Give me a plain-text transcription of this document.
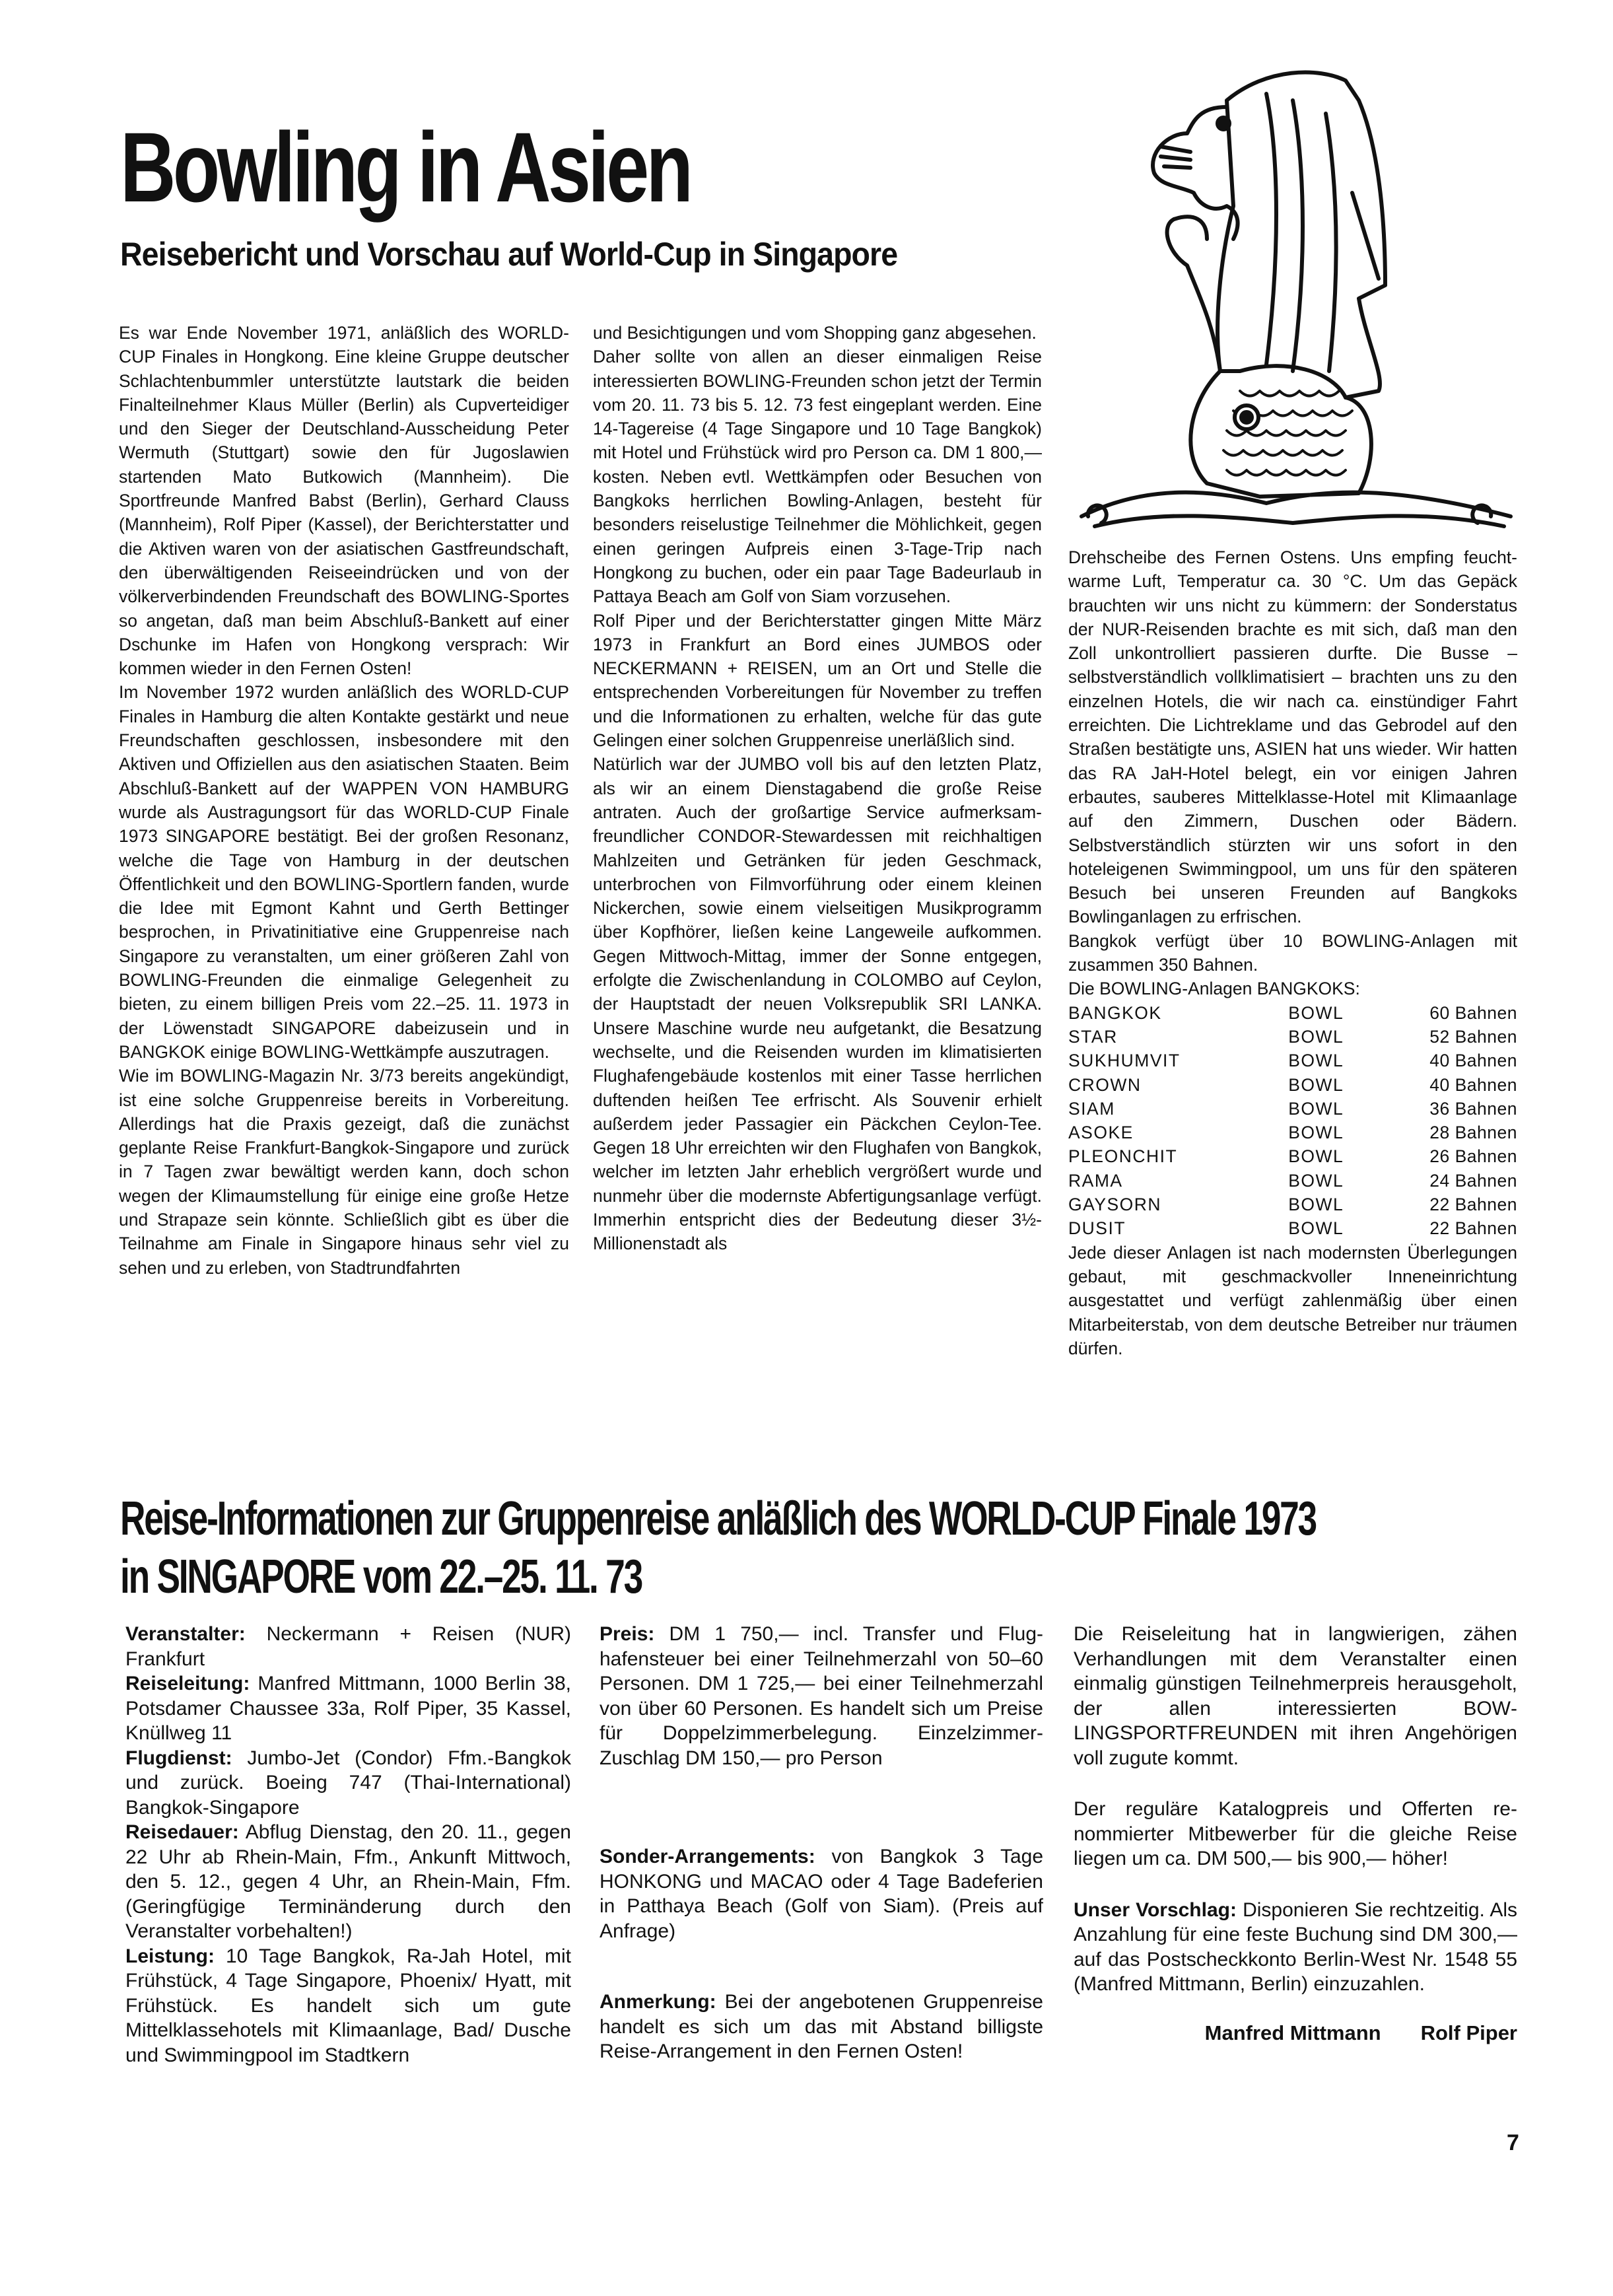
Bowling in Asien
Reisebericht und Vorschau auf World-Cup in Singapore

Es war Ende November 1971, anläßlich des WORLD-CUP Finales in Hongkong. Eine kleine Gruppe deutscher Schlachtenbummler unterstützte lautstark die beiden Finalteilnehmer Klaus Müller (Berlin) als Cupverteidiger und den Sieger der Deutschland-Ausscheidung Peter Wermuth (Stuttgart) sowie den für Jugoslawien startenden Mato Butkowich (Mannheim). Die Sportfreunde Manfred Babst (Berlin), Gerhard Clauss (Mannheim), Rolf Piper (Kassel), der Berichterstatter und die Aktiven waren von der asiatischen Gastfreundschaft, den überwältigenden Reiseeindrücken und von der völkerverbindenden Freundschaft des BOWLING-Sportes so angetan, daß man beim Abschluß-Bankett auf einer Dschunke im Hafen von Hongkong versprach: Wir kommen wieder in den Fernen Osten!

Im November 1972 wurden anläßlich des WORLD-CUP Finales in Hamburg die alten Kontakte gestärkt und neue Freundschaften geschlossen, insbesondere mit den Aktiven und Offiziellen aus den asiatischen Staaten. Beim Abschluß-Bankett auf der WAPPEN VON HAMBURG wurde als Austragungsort für das WORLD-CUP Finale 1973 SINGAPORE bestätigt. Bei der großen Resonanz, welche die Tage von Hamburg in der deutschen Öffentlichkeit und den BOWLING-Sportlern fanden, wurde die Idee mit Egmont Kahnt und Gerth Bettinger besprochen, in Privatinitiative eine Gruppenreise nach Singapore zu veranstalten, um einer größeren Zahl von BOWLING-Freunden die einmalige Gelegenheit zu bieten, zu einem billigen Preis vom 22.–25. 11. 1973 in der Löwenstadt SINGAPORE dabeizusein und in BANGKOK einige BOWLING-Wettkämpfe auszutragen.

Wie im BOWLING-Magazin Nr. 3/73 bereits angekündigt, ist eine solche Gruppenreise bereits in Vorbereitung. Allerdings hat die Praxis gezeigt, daß die zunächst geplante Reise Frankfurt-Bangkok-Singapore und zurück in 7 Tagen zwar bewältigt werden kann, doch schon wegen der Klimaumstellung für einige eine große Hetze und Strapaze sein könnte. Schließlich gibt es über die Teilnahme am Finale in Singapore hinaus sehr viel zu sehen und zu erleben, von Stadtrundfahrten

und Besichtigungen und vom Shopping ganz abgesehen.

Daher sollte von allen an dieser einmaligen Reise interessierten BOWLING-Freunden schon jetzt der Termin vom 20. 11. 73 bis 5. 12. 73 fest eingeplant werden. Eine 14-Tagereise (4 Tage Singapore und 10 Tage Bangkok) mit Hotel und Frühstück wird pro Person ca. DM 1 800,— kosten. Neben evtl. Wettkämpfen oder Besuchen von Bangkoks herrlichen Bowling-Anlagen, besteht für besonders reiselustige Teilnehmer die Möhlichkeit, gegen einen geringen Aufpreis einen 3-Tage-Trip nach Hongkong zu buchen, oder ein paar Tage Badeurlaub in Pattaya Beach am Golf von Siam vorzusehen.

Rolf Piper und der Berichterstatter gingen Mitte März 1973 in Frankfurt an Bord eines JUMBOS oder NECKERMANN + REISEN, um an Ort und Stelle die entsprechenden Vorbereitungen für November zu treffen und die Informationen zu erhalten, welche für das gute Gelingen einer solchen Gruppenreise unerläßlich sind.

Natürlich war der JUMBO voll bis auf den letzten Platz, als wir an einem Dienstagabend die große Reise antraten. Auch der großartige Service aufmerksam-freundlicher CONDOR-Stewardessen mit reichhaltigen Mahlzeiten und Getränken für jeden Geschmack, unterbrochen von Filmvorführung oder einem kleinen Nickerchen, sowie einem vielseitigen Musikprogramm über Kopfhörer, ließen keine Langeweile aufkommen. Gegen Mittwoch-Mittag, immer der Sonne entgegen, erfolgte die Zwischenlandung in COLOMBO auf Ceylon, der Hauptstadt der neuen Volksrepublik SRI LANKA. Unsere Maschine wurde neu aufgetankt, die Besatzung wechselte, und die Reisenden wurden im klimatisierten Flughafengebäude kostenlos mit einer Tasse herrlichen duftenden heißen Tee erfrischt. Als Souvenir erhielt außerdem jeder Passagier ein Päckchen Ceylon-Tee. Gegen 18 Uhr erreichten wir den Flughafen von Bangkok, welcher im letzten Jahr erheblich vergrößert wurde und nunmehr über die modernste Abfertigungsanlage verfügt. Immerhin entspricht dies der Bedeutung dieser 3½-Millionenstadt als

Drehscheibe des Fernen Ostens. Uns empfing feucht-warme Luft, Temperatur ca. 30 °C. Um das Gepäck brauchten wir uns nicht zu kümmern: der Sonderstatus der NUR-Reisenden brachte es mit sich, daß man den Zoll unkontrolliert passieren durfte. Die Busse – selbstverständlich vollklimatisiert – brachten uns zu den einzelnen Hotels, die wir nach ca. einstündiger Fahrt erreichten. Die Lichtreklame und das Gebrodel auf den Straßen bestätigte uns, ASIEN hat uns wieder. Wir hatten das RA JaH-Hotel belegt, ein vor einigen Jahren erbautes, sauberes Mittelklasse-Hotel mit Klimaanlage auf den Zimmern, Duschen oder Bädern. Selbstverständlich stürzten wir uns sofort in den hoteleigenen Swimmingpool, um uns für den späteren Besuch bei unseren Freunden auf Bangkoks Bowlinganlagen zu erfrischen.

Bangkok verfügt über 10 BOWLING-Anlagen mit zusammen 350 Bahnen.

Die BOWLING-Anlagen BANGKOKS:

BANGKOK	BOWL	60 Bahnen
STAR	BOWL	52 Bahnen
SUKHUMVIT	BOWL	40 Bahnen
CROWN	BOWL	40 Bahnen
SIAM	BOWL	36 Bahnen
ASOKE	BOWL	28 Bahnen
PLEONCHIT	BOWL	26 Bahnen
RAMA	BOWL	24 Bahnen
GAYSORN	BOWL	22 Bahnen
DUSIT	BOWL	22 Bahnen

Jede dieser Anlagen ist nach modernsten Überlegungen gebaut, mit geschmackvoller Inneneinrichtung ausgestattet und verfügt zahlenmäßig über einen Mitarbeiterstab, von dem deutsche Betreiber nur träumen dürfen.

Reise-Informationen zur Gruppenreise anläßlich des WORLD-CUP Finale 1973
in SINGAPORE vom 22.–25. 11. 73

Veranstalter: Neckermann + Reisen (NUR) Frankfurt

Reiseleitung: Manfred Mittmann, 1000 Berlin 38, Potsdamer Chaussee 33a, Rolf Piper, 35 Kassel, Knüllweg 11

Flugdienst: Jumbo-Jet (Condor) Ffm.-Bangkok und zurück. Boeing 747 (Thai-International) Bangkok-Singapore

Reisedauer: Abflug Dienstag, den 20. 11., gegen 22 Uhr ab Rhein-Main, Ffm., Ankunft Mittwoch, den 5. 12., gegen 4 Uhr, an Rhein-Main, Ffm. (Geringfügige Terminänderung durch den Veranstalter vorbehalten!)

Leistung: 10 Tage Bangkok, Ra-Jah Hotel, mit Frühstück, 4 Tage Singapore, Phoenix/ Hyatt, mit Frühstück. Es handelt sich um gute Mittelklassehotels mit Klimaanlage, Bad/ Dusche und Swimmingpool im Stadtkern

Preis: DM 1 750,— incl. Transfer und Flughafensteuer bei einer Teilnehmerzahl von 50–60 Personen. DM 1 725,— bei einer Teilnehmerzahl von über 60 Personen. Es handelt sich um Preise für Doppelzimmerbelegung. Einzelzimmer-Zuschlag DM 150,— pro Person

Sonder-Arrangements: von Bangkok 3 Tage HONKONG und MACAO oder 4 Tage Badeferien in Patthaya Beach (Golf von Siam). (Preis auf Anfrage)

Anmerkung: Bei der angebotenen Gruppenreise handelt es sich um das mit Abstand billigste Reise-Arrangement in den Fernen Osten!

Die Reiseleitung hat in langwierigen, zähen Verhandlungen mit dem Veranstalter einen einmalig günstigen Teilnehmerpreis herausgeholt, der allen interessierten BOWLINGSPORTFREUNDEN mit ihren Angehörigen voll zugute kommt.

Der reguläre Katalogpreis und Offerten renommierter Mitbewerber für die gleiche Reise liegen um ca. DM 500,— bis 900,— höher!

Unser Vorschlag: Disponieren Sie rechtzeitig. Als Anzahlung für eine feste Buchung sind DM 300,— auf das Postscheckkonto Berlin-West Nr. 1548 55 (Manfred Mittmann, Berlin) einzuzahlen.

Manfred Mittmann Rolf Piper
7
